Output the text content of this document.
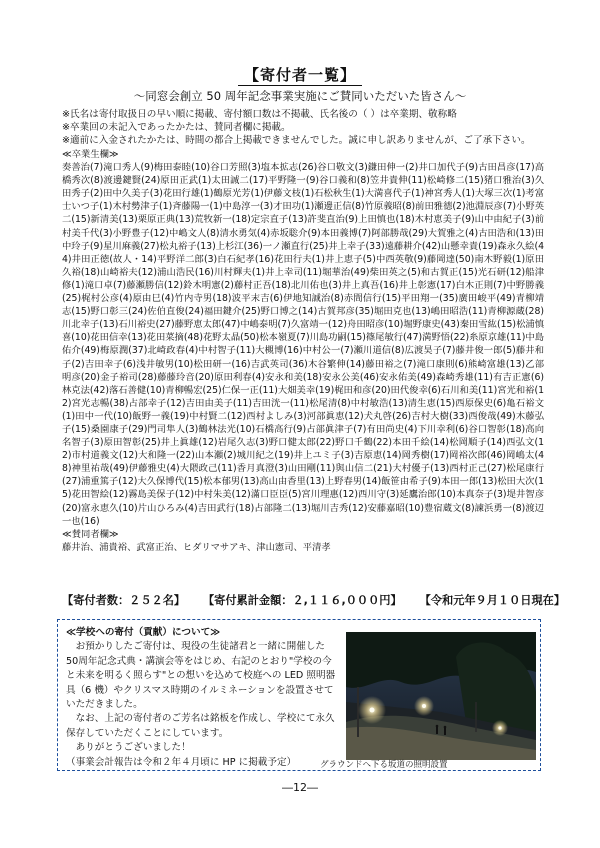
【寄付者一覧】
～同窓会創立 50 周年記念事業実施にご賛同いただいた皆さん～
※氏名は寄付取扱日の早い順に掲載、寄付額口数は不掲載、氏名後の（ ）は卒業期、敬称略
※卒業回の未記入であったかたは、賛同者欄に掲載。
※適前に入金されたかたは、時間の都合上掲載できませんでした。誠に申し訳ありませんが、ご了承下さい。
≪卒業生欄≫
奏善治(7)滝口秀人(9)梅田泰睦(10)谷口芳照(3)塩本拡志(26)谷口敬文(3)鎌田伸一(2)井口加代子(9)古田昌彦(17)高橋秀次(8)渡邊鍵賢(24)原田正武(1)太田誠二(17)平野隆一(9)谷口義和(8)笠井貴伸(11)松崎修二(15)猪口雅治(3)久田秀子(2)田中久美子(3)花田行雄(1)鶴原光芳(1)伊藤文枝(1)石松秋生(1)大満喜代子(1)神宮秀人(1)大塚三次(1)考富士いつ子(1)木村勢津子(1)斉藤陽一(1)中島淳一(3)才田功(1)瀬邊正信(8)竹原義昭(8)前田雅德(2)池淵辰彦(7)小野英二(15)新清美(13)栗原正典(13)荒牧新一(18)定宗直子(13)許斐直治(9)上田慎也(18)木村恵美子(9)山中由紀子(3)前村美千代(3)小野豊子(12)中嶋文人(8)清水勇気(4)赤坂聡介(9)本田義博(7)阿部勝哉(29)大賀雅之(4)古田浩和(13)田中玲子(9)星川麻義(27)松丸裕子(13)上杉江(36)一ノ瀬直行(25)井上幸子(33)遠藤耕介(42)山懸幸貴(19)森永久絵(44)井田正徳(故人・14)平野洋二郎(3)白石紀孝(16)花田行夫(1)井上恵子(5)中西英敬(9)藤岡達(50)南木野毅(1)原田久裕(18)山崎裕夫(12)浦山浩民(16)川村輝夫(1)井上幸司(11)堀華治(49)柴田英之(5)和古賀正(15)光石研(12)船津修(1)滝口卓(7)藤瀬勝信(12)鈴木明憲(2)藤村正吾(18)北川佑也(3)井上真吾(16)井上彰憲(17)白木正則(7)中野勝義(25)梶村公彦(4)原由巳(4)竹内寺男(18)波平末吉(6)伊地知誠治(8)赤間信行(15)平田翔一(35)廣田峻平(49)青柳靖志(15)野口彰三(24)佐伯直俊(24)福田鍵介(25)野口博之(14)古賀邦彦(35)堀田克也(13)嶋田昭浩(11)青柳源蔵(28)川北幸子(13)石川裕史(27)藤野恵太郎(47)中嶋泰明(7)久富靖一(12)舟田昭彦(10)堀野康史(43)秦田雪紘(15)松浦慎喜(10)花田信幸(13)花田菜摘(48)花野太晶(50)松本嶺夏(7)川島功嗣(15)篠尾敏行(47)満野悟(22)糸原京雄(11)中島佑介(49)梅原潤(37)北崎政春(4)中村智子(11)大槻博(16)中村公一(7)瀬川道信(8)広渡昊子(7)藤井俊一郎(5)藤井和子(2)吉田幸子(6)浅井敏男(10)松田研一(16)吉武英司(36)木谷繁伸(14)藤田裕之(7)滝口康則(6)熊崎富雄(13)乙部明彦(20)金子裕司(28)藤藤玲音(20)原田利春(4)安永和美(18)安永公美(46)安永佑美(49)森崎秀雄(11)有吉正憲(6)林克法(42)落石善健(10)青柳暢宏(25)仁保一正(11)大畑美幸(19)梶田和彦(20)田代俊幸(6)石川和美(11)宮光和裕(12)宮光志暢(38)占部幸子(12)吉田由美子(11)吉田洸一(11)松尾清(8)中村敏浩(13)清生恵(15)西原保史(6)亀石裕文(1)田中一代(10)飯野一義(19)中村賢二(12)西村よしみ(3)河部眞恵(12)犬丸啓(26)吉村大樹(33)西俊哉(49)木藤弘子(15)桑園康子(29)門司隼人(3)鶴林法光(10)石橋高行(9)占部眞津子(7)有田尚史(4)下川幸利(6)谷口智彰(18)高向名智子(3)原田智彰(25)井上眞雄(12)岩尾久志(3)野口健太郎(22)野口千鶴(22)本田千絵(14)松岡順子(14)西弘文(12)市村道義文(12)大和隆一(22)山本瀬(2)城川紀之(19)井上ユミ子(3)吉原恵(14)岡秀樹(17)岡裕次郎(46)岡嶋太(48)神里祐哉(49)伊藤雅史(4)大隈政己(11)香月真澄(3)山田剛(11)與山信二(21)大村優子(13)西村正己(27)松尾康行(27)浦重篤子(12)大久保博代(15)松本郁男(13)高山由香里(13)上野春男(14)飯笹由希子(9)本田一郎(13)松田大次(15)花田智絵(12)霧島美保子(12)中村朱美(12)滿口臣臣(5)宮川理惠(12)西川守(3)延鷹治郎(10)本真奈子(3)堤井智彦(20)富永恵久(10)片山ひろみ(4)吉田武行(18)占部隆二(13)堀川吉秀(12)安藤嘉昭(10)豊宿蔵文(8)諫浜勇一(8)渡辺一也(16)
≪賛同者欄≫
藤井治、浦貴裕、武富正治、ヒダリマサアキ、津山憲司、平清孝
【寄付者数：２５２名】 【寄付累計金額：２,１１６,０００円】 【令和元年９月１０日現在】
≪学校への寄付（貢献）について≫
お預かりしたご寄付は、現役の生徒諸君と一緒に開催した50周年記念式典・講演会等をはじめ、右記のとおり"学校の今と未来を明るく照らす"との想いを込めて校庭への LED 照明器具（6 機）やクリスマス時期のイルミネーションを設置させていただきました。
なお、上記の寄付者のご芳名は銘板を作成し、学校にて永久保存していただくことにしています。
ありがとうございました！
（事業会計報告は令和２年４月頃に HP に掲載予定）	グラウンドへ下る坂道の照明設置
―12―
